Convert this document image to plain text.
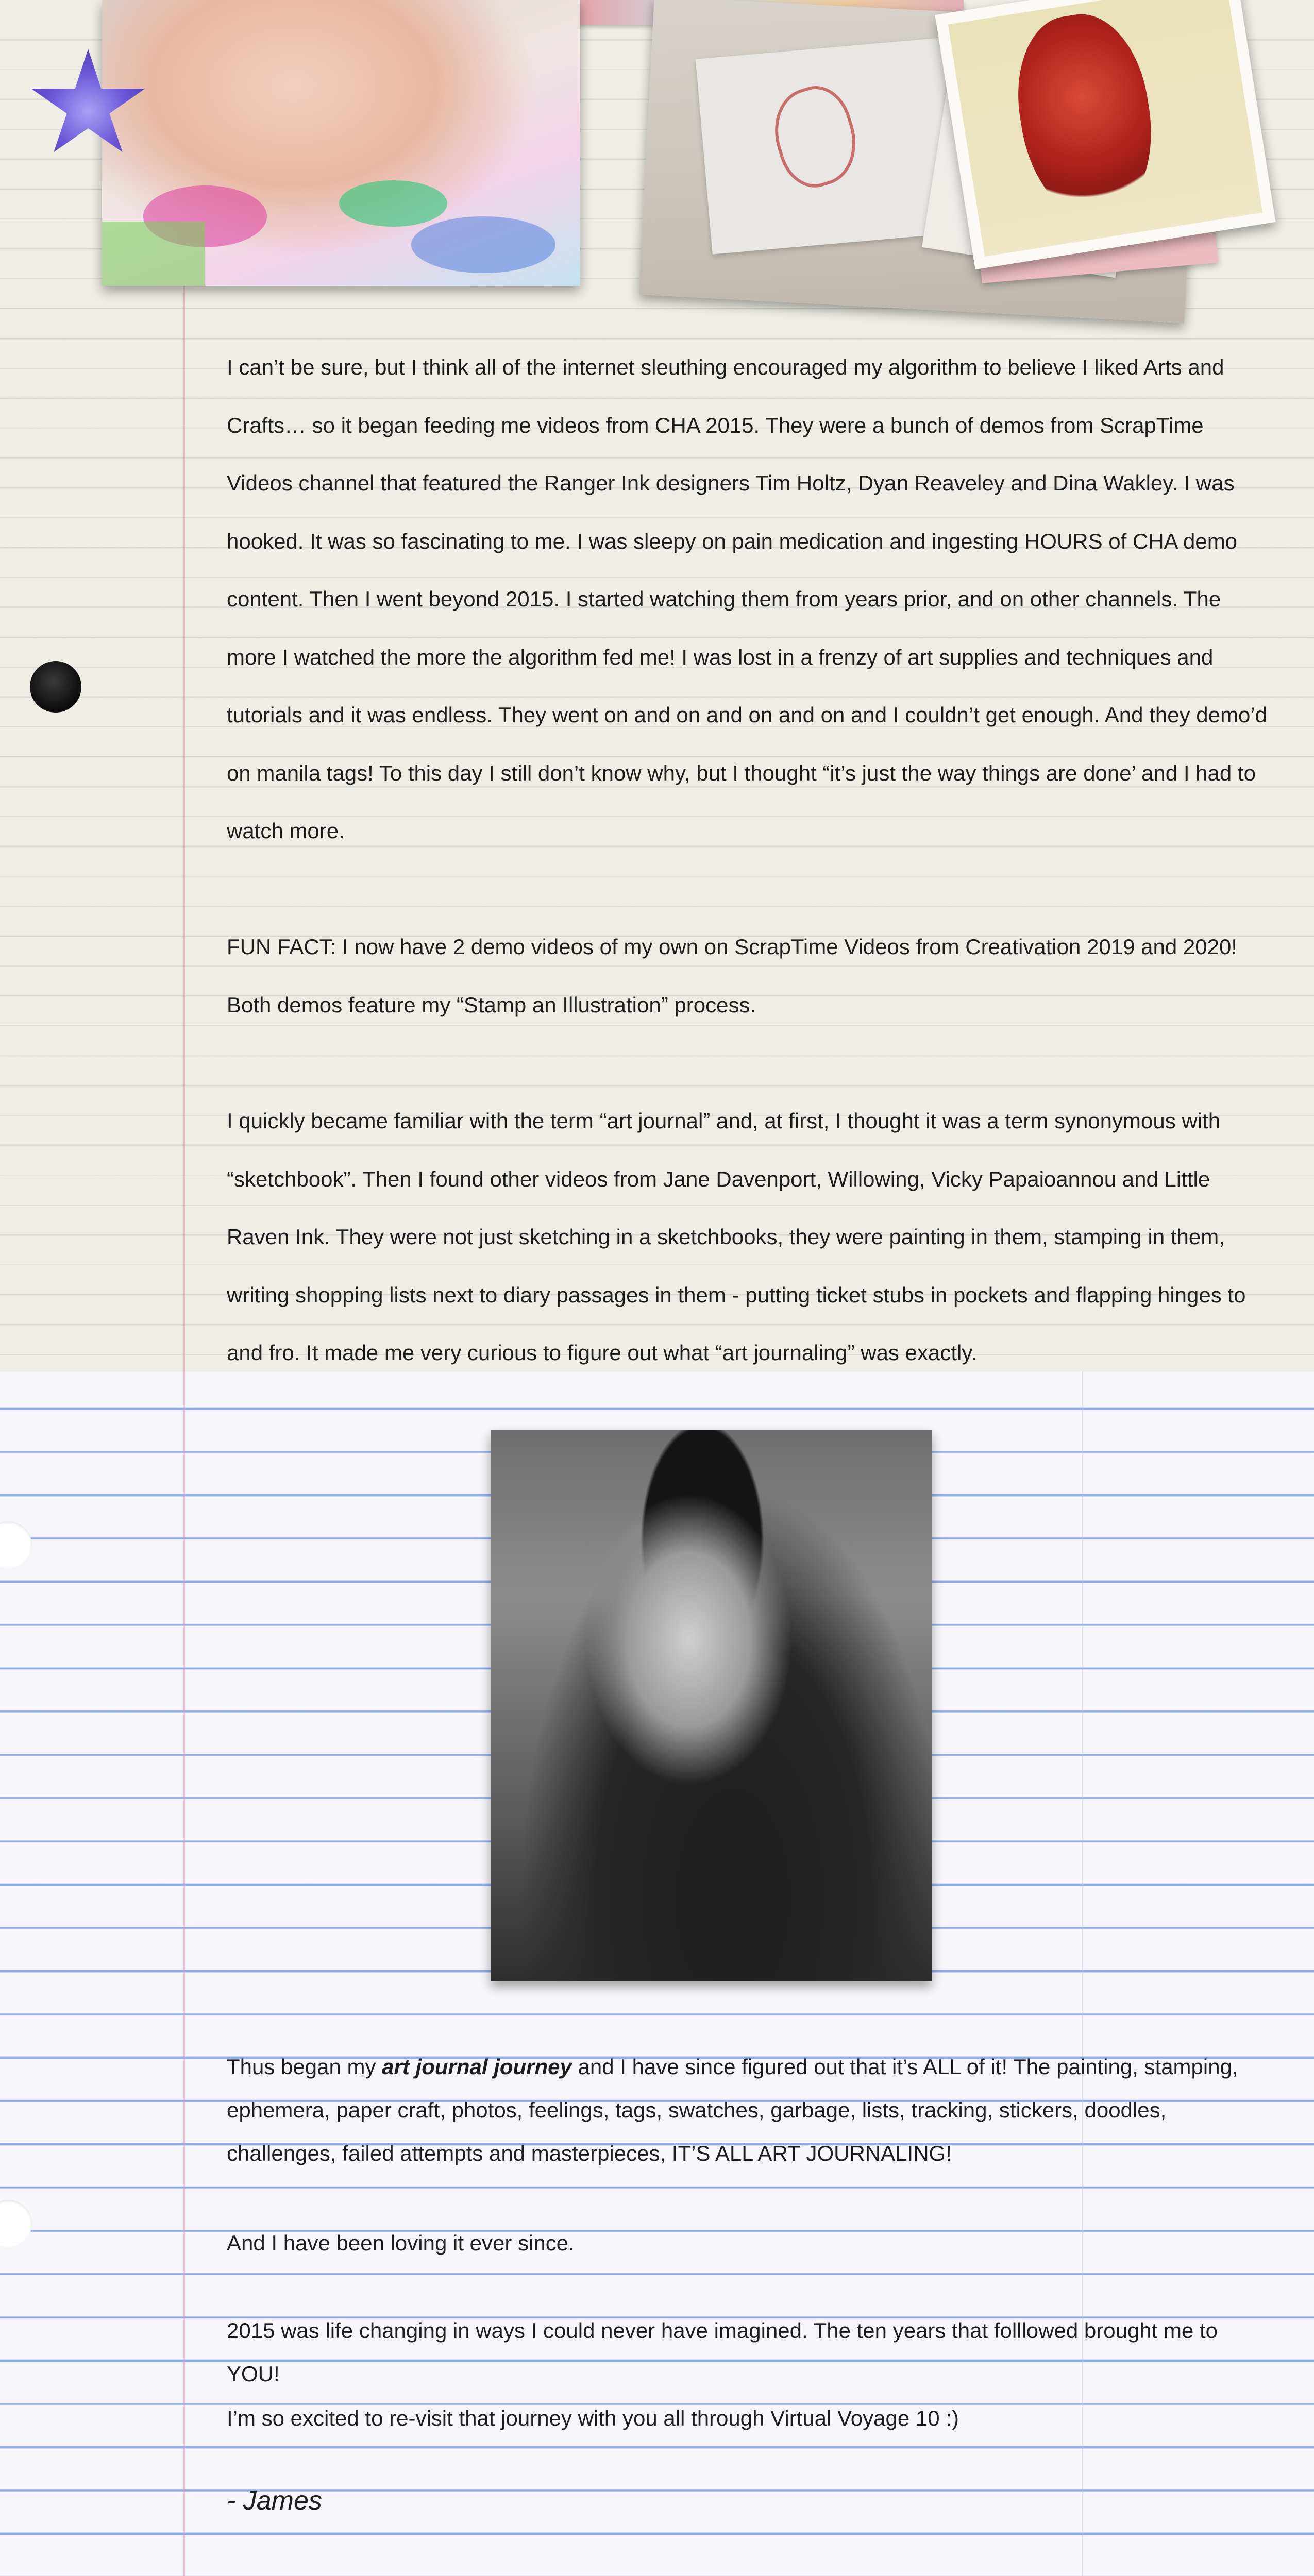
I can’t be sure, but I think all of the internet sleuthing encouraged my algorithm to believe I liked Arts and Crafts… so it began feeding me videos from CHA 2015. They were a bunch of demos from ScrapTime Videos channel that featured the Ranger Ink designers Tim Holtz, Dyan Reaveley and Dina Wakley. I was hooked. It was so fascinating to me. I was sleepy on pain medication and ingesting HOURS of CHA demo content. Then I went beyond 2015. I started watching them from years prior, and on other channels. The more I watched the more the algorithm fed me! I was lost in a frenzy of art supplies and techniques and tutorials and it was endless. They went on and on and on and on and I couldn’t get enough. And they demo’d on manila tags! To this day I still don’t know why, but I thought “it’s just the way things are done’ and I had to watch more.

FUN FACT: I now have 2 demo videos of my own on ScrapTime Videos from Creativation 2019 and 2020! Both demos feature my “Stamp an Illustration” process.

I quickly became familiar with the term “art journal” and, at first, I thought it was a term synonymous with “sketchbook”. Then I found other videos from Jane Davenport, Willowing, Vicky Papaioannou and Little Raven Ink. They were not just sketching in a sketchbooks, they were painting in them, stamping in them, writing shopping lists next to diary passages in them - putting ticket stubs in pockets and flapping hinges to and fro. It made me very curious to figure out what “art journaling” was exactly.

Thus began my art journal journey and I have since figured out that it’s ALL of it! The painting, stamping, ephemera, paper craft, photos, feelings, tags, swatches, garbage, lists, tracking, stickers, doodles, challenges, failed attempts and masterpieces, IT’S ALL ART JOURNALING!

And I have been loving it ever since.

2015 was life changing in ways I could never have imagined. The ten years that folllowed brought me to YOU!

I’m so excited to re-visit that journey with you all through Virtual Voyage 10 :)

- James
